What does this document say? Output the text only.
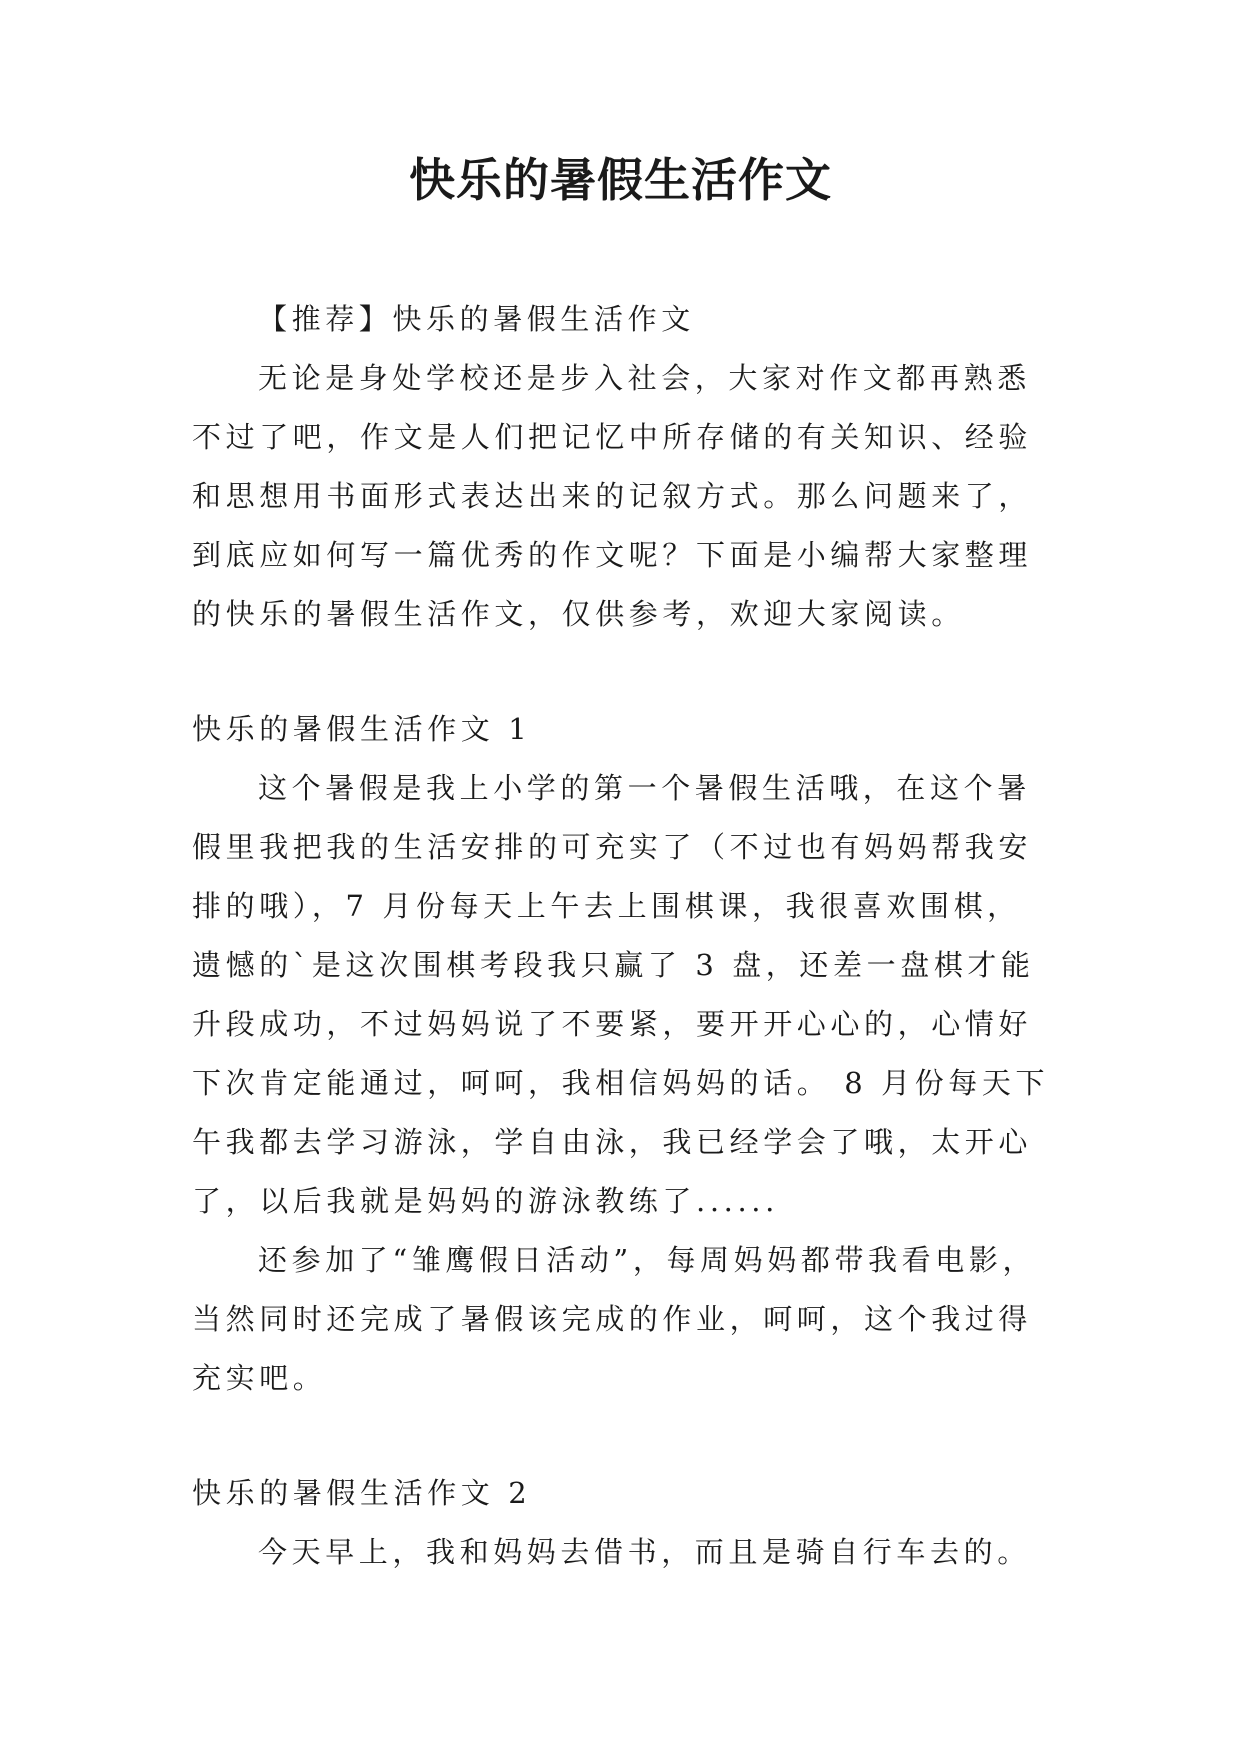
快乐的暑假生活作文

【推荐】快乐的暑假生活作文

无论是身处学校还是步入社会，大家对作文都再熟悉不过了吧，作文是人们把记忆中所存储的有关知识、经验和思想用书面形式表达出来的记叙方式。那么问题来了，到底应如何写一篇优秀的作文呢？下面是小编帮大家整理的快乐的暑假生活作文，仅供参考，欢迎大家阅读。

快乐的暑假生活作文 1

这个暑假是我上小学的第一个暑假生活哦，在这个暑假里我把我的生活安排的可充实了（不过也有妈妈帮我安排的哦），7 月份每天上午去上围棋课，我很喜欢围棋，遗憾的`是这次围棋考段我只赢了 3 盘，还差一盘棋才能升段成功，不过妈妈说了不要紧，要开开心心的，心情好下次肯定能通过，呵呵，我相信妈妈的话。 8 月份每天下午我都去学习游泳，学自由泳，我已经学会了哦，太开心了，以后我就是妈妈的游泳教练了......

还参加了“雏鹰假日活动”，每周妈妈都带我看电影，当然同时还完成了暑假该完成的作业，呵呵，这个我过得充实吧。

快乐的暑假生活作文 2

今天早上，我和妈妈去借书，而且是骑自行车去的。
